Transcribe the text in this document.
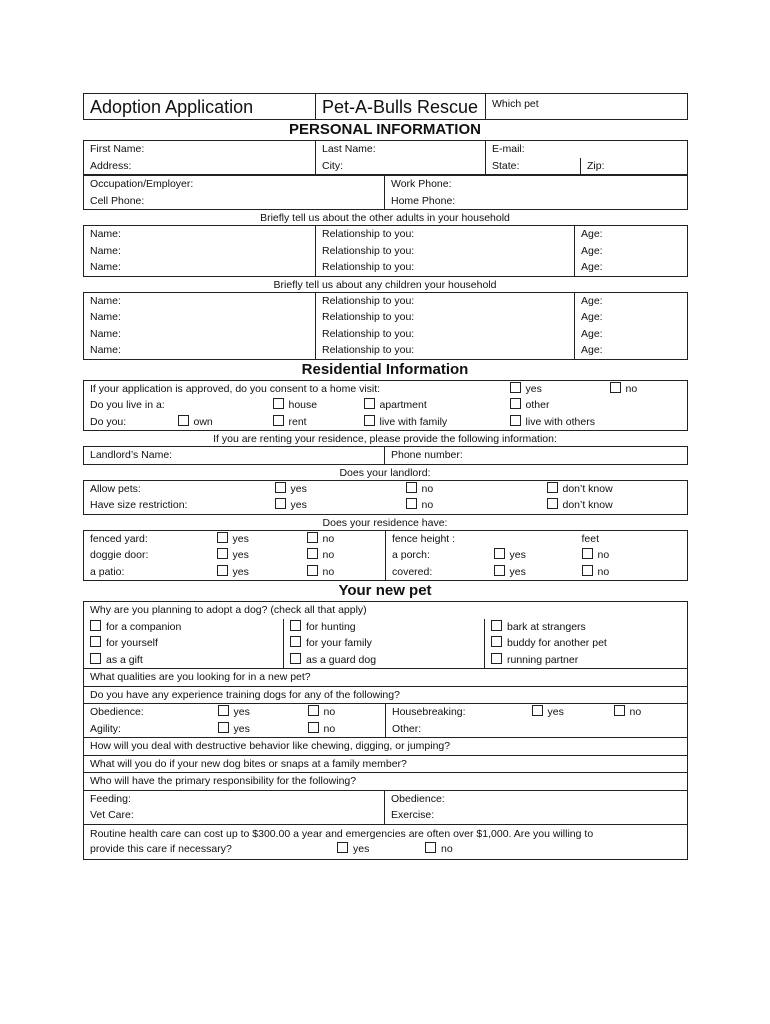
Adoption Application	Pet-A-Bulls Rescue	Which pet
PERSONAL INFORMATION
First Name:	Last Name:	E-mail:	
Address:	City:	State:	Zip:
Occupation/Employer:	Work Phone:
Cell Phone:	Home Phone:
Briefly tell us about the other adults in your household
Name:	Relationship to you:	Age:
Name:	Relationship to you:	Age:
Name:	Relationship to you:	Age:
Briefly tell us about any children your household
Name:	Relationship to you:	Age:
Name:	Relationship to you:	Age:
Name:	Relationship to you:	Age:
Name:	Relationship to you:	Age:
Residential Information
If your application is approved, do you consent to a home visit:				yes	no
Do you live in a:		house	apartment	other	
Do you:	own	rent	live with family	live with others	
If you are renting your residence, please provide the following information:
Landlord’s Name:	Phone number:
Does your landlord:
Allow pets:	yes	no	don’t know
Have size restriction:	yes	no	don’t know
Does your residence have:
fenced yard:	yes	no	fence height :		feet
doggie door:	yes	no	a porch:	yes	no
a patio:	yes	no	covered:	yes	no
Your new pet
Why are you planning to adopt a dog? (check all that apply)		
for a companion	for hunting	bark at strangers
for yourself	for your family	buddy for another pet
as a gift	as a guard dog	running partner
What qualities are you looking for in a new pet?
Do you have any experience training dogs for any of the following?
Obedience:	yes	no	Housebreaking:	yes	no
Agility:	yes	no	Other:		
How will you deal with destructive behavior like chewing, digging, or jumping?
What will you do if your new dog bites or snaps at a family member?
Who will have the primary responsibility for the following?
Feeding:	Obedience:
Vet Care:	Exercise:
Routine health care can cost up to $300.00 a year and emergencies are often over $1,000. Are you willing to
provide this care if necessary?	yes	no
